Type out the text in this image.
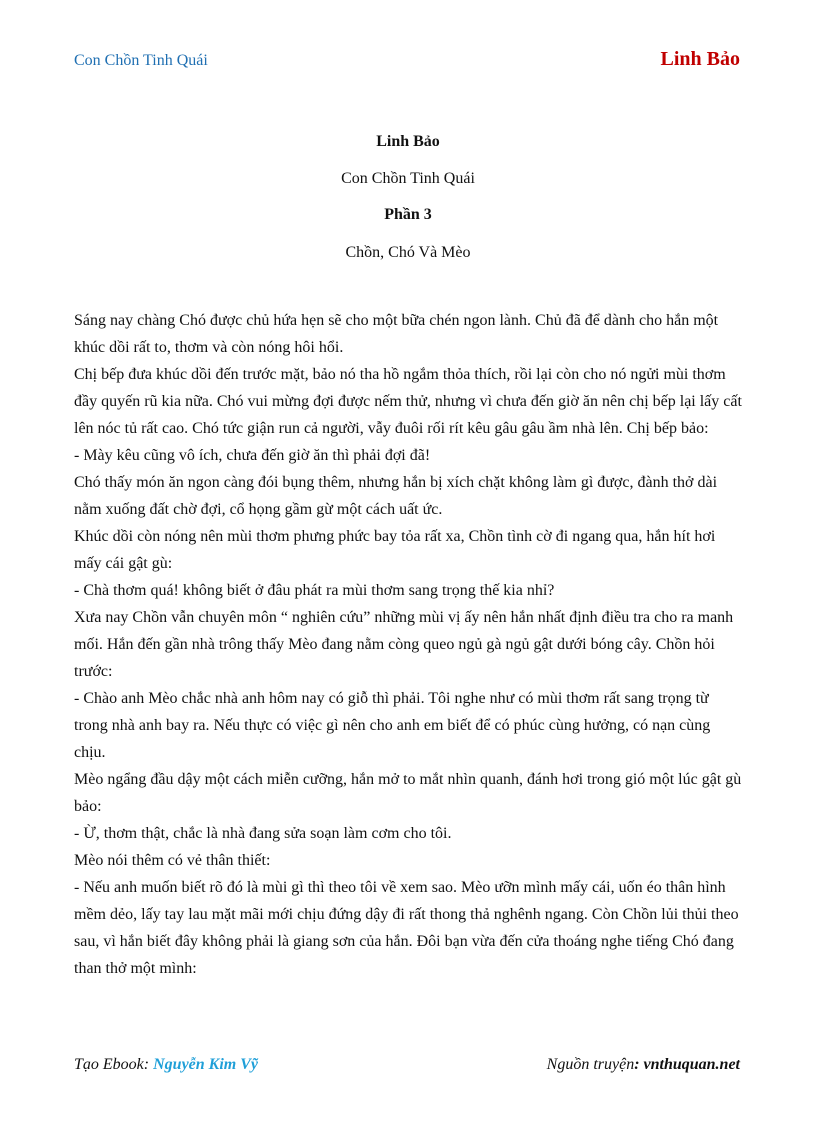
Con Chồn Tinh Quái	Linh Bảo
Linh Bảo
Con Chồn Tinh Quái
Phần 3
Chồn, Chó Và Mèo

Sáng nay chàng Chó được chủ hứa hẹn sẽ cho một bữa chén ngon lành. Chủ đã để dành cho hắn một khúc dồi rất to, thơm và còn nóng hôi hổi.

Chị bếp đưa khúc dồi đến trước mặt, bảo nó tha hồ ngắm thỏa thích, rồi lại còn cho nó ngửi mùi thơm đầy quyến rũ kia nữa. Chó vui mừng đợi được nếm thử, nhưng vì chưa đến giờ ăn nên chị bếp lại lấy cất lên nóc tủ rất cao. Chó tức giận run cả người, vẫy đuôi rối rít kêu gâu gâu ầm nhà lên. Chị bếp bảo:

- Mày kêu cũng vô ích, chưa đến giờ ăn thì phải đợi đã!

Chó thấy món ăn ngon càng đói bụng thêm, nhưng hắn bị xích chặt không làm gì được, đành thở dài nằm xuống đất chờ đợi, cổ họng gầm gừ một cách uất ức.

Khúc dồi còn nóng nên mùi thơm phưng phức bay tỏa rất xa, Chồn tình cờ đi ngang qua, hắn hít hơi mấy cái gật gù:

- Chà thơm quá! không biết ở đâu phát ra mùi thơm sang trọng thế kia nhỉ?

Xưa nay Chồn vẫn chuyên môn “ nghiên cứu” những mùi vị ấy nên hắn nhất định điều tra cho ra manh mối. Hắn đến gần nhà trông thấy Mèo đang nằm còng queo ngủ gà ngủ gật dưới bóng cây. Chồn hỏi trước:

- Chào anh Mèo chắc nhà anh hôm nay có giỗ thì phải. Tôi nghe như có mùi thơm rất sang trọng từ trong nhà anh bay ra. Nếu thực có việc gì nên cho anh em biết để có phúc cùng hưởng, có nạn cùng chịu.

Mèo ngẩng đầu dậy một cách miễn cưỡng, hắn mở to mắt nhìn quanh, đánh hơi trong gió một lúc gật gù bảo:

- Ừ, thơm thật, chắc là nhà đang sửa soạn làm cơm cho tôi.

Mèo nói thêm có vẻ thân thiết:

- Nếu anh muốn biết rõ đó là mùi gì thì theo tôi về xem sao. Mèo ưỡn mình mấy cái, uốn éo thân hình mềm dẻo, lấy tay lau mặt mãi mới chịu đứng dậy đi rất thong thả nghênh ngang. Còn Chồn lủi thủi theo sau, vì hắn biết đây không phải là giang sơn của hắn. Đôi bạn vừa đến cửa thoáng nghe tiếng Chó đang than thở một mình:

Tạo Ebook: Nguyễn Kim Vỹ	Nguồn truyện: vnthuquan.net
